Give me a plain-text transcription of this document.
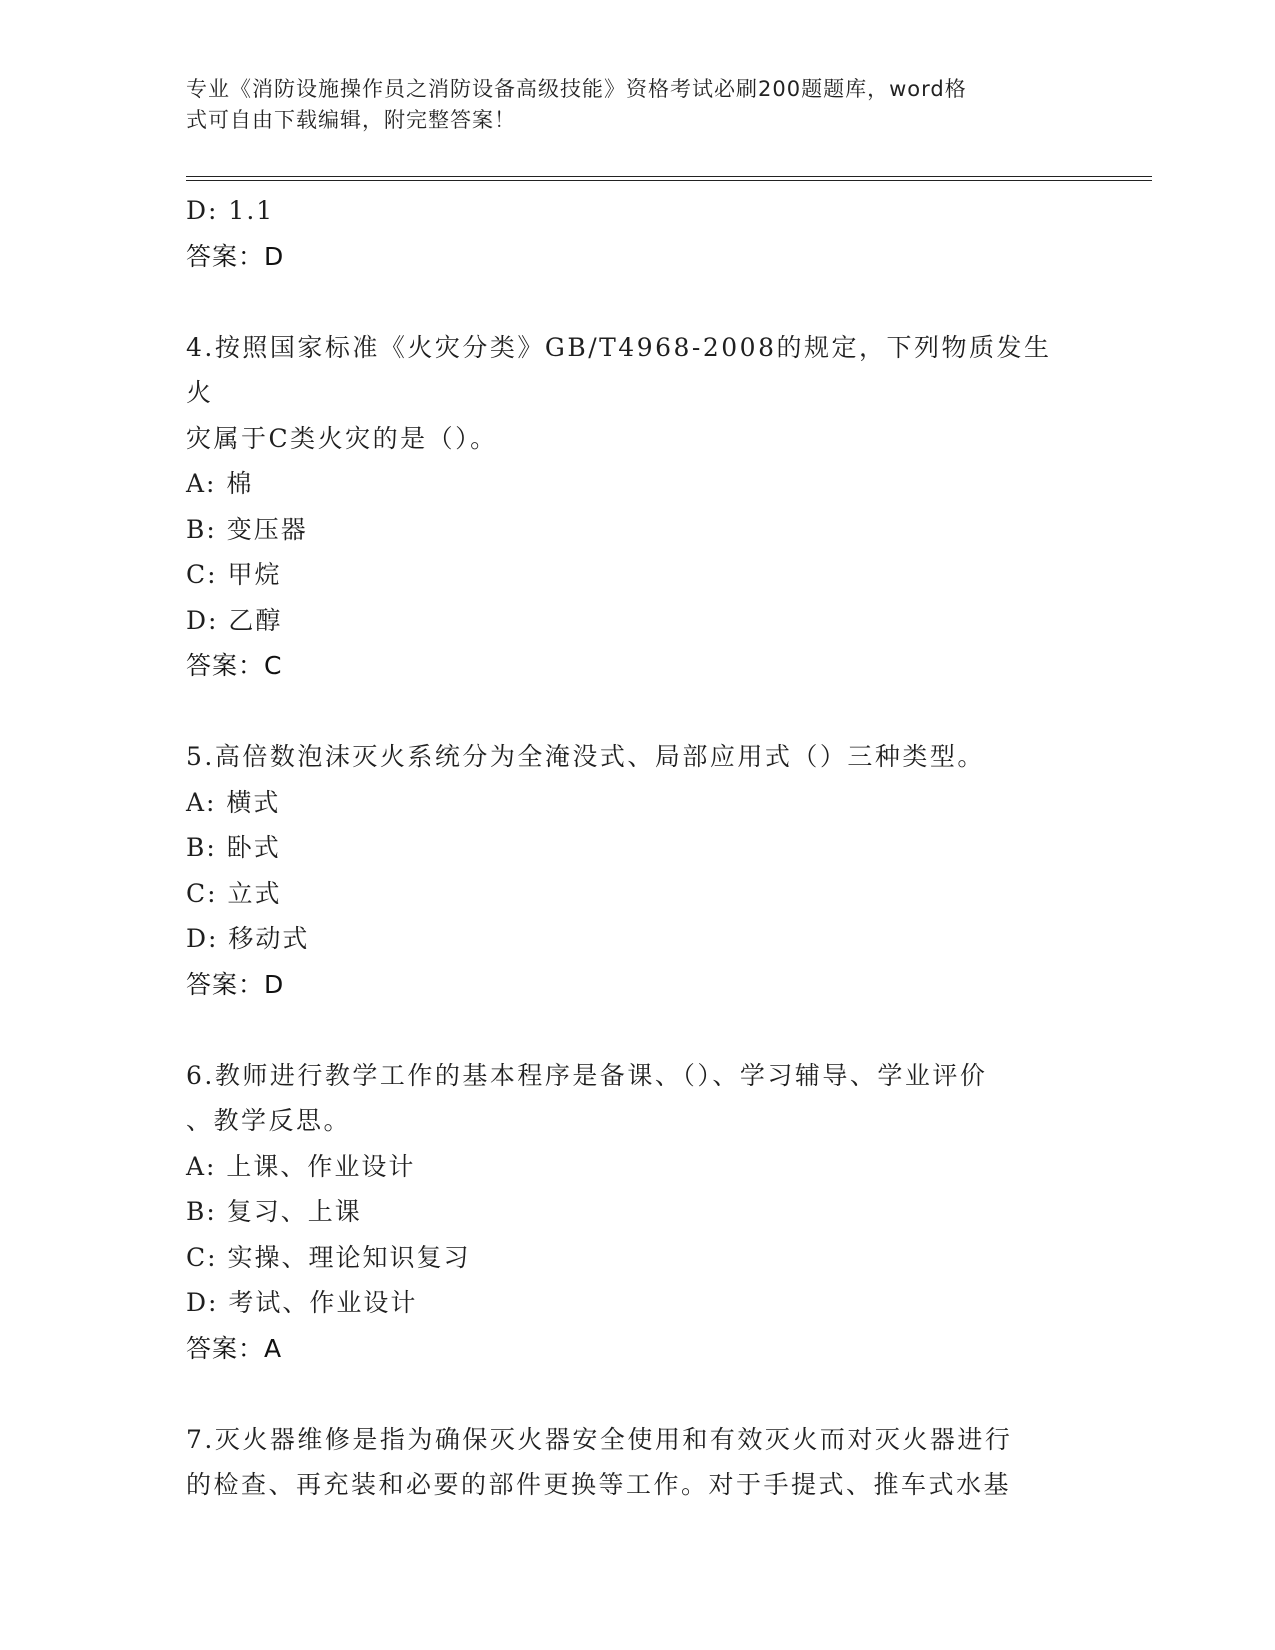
专业《消防设施操作员之消防设备高级技能》资格考试必刷200题题库，word格
式可自由下载编辑，附完整答案！
D: 1.1
答案：D
4.按照国家标准《火灾分类》GB/T4968-2008的规定，下列物质发生火
灾属于C类火灾的是（）。
A: 棉
B: 变压器
C: 甲烷
D: 乙醇
答案：C
5.高倍数泡沫灭火系统分为全淹没式、局部应用式（）三种类型。
A: 横式
B: 卧式
C: 立式
D: 移动式
答案：D
6.教师进行教学工作的基本程序是备课、（）、学习辅导、学业评价
、教学反思。
A: 上课、作业设计
B: 复习、上课
C: 实操、理论知识复习
D: 考试、作业设计
答案：A
7.灭火器维修是指为确保灭火器安全使用和有效灭火而对灭火器进行
的检查、再充装和必要的部件更换等工作。对于手提式、推车式水基
